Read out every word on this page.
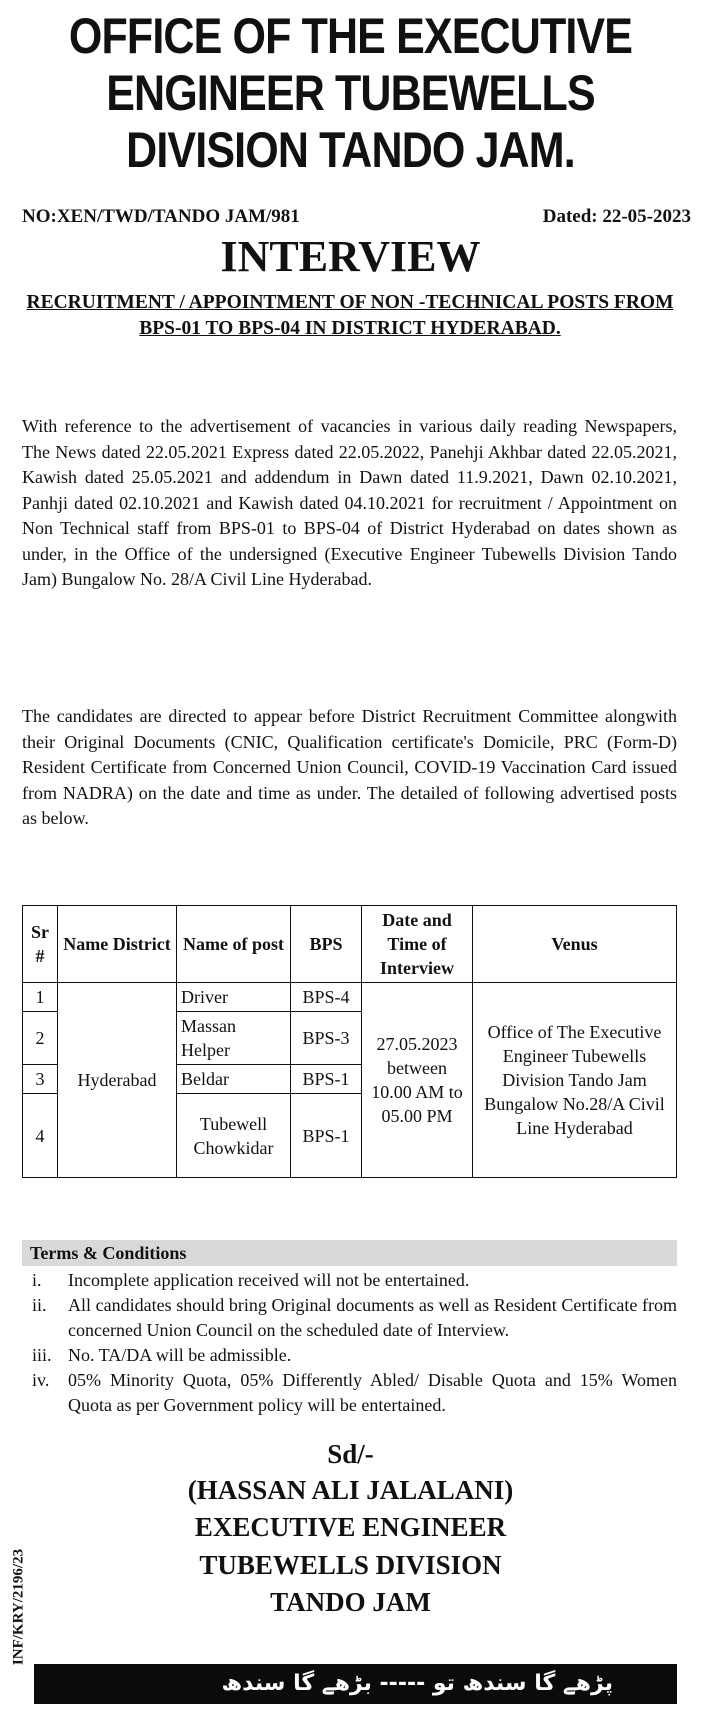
OFFICE OF THE EXECUTIVE
ENGINEER TUBEWELLS
DIVISION TANDO JAM.
NO:XEN/TWD/TANDO JAM/981	Dated: 22-05-2023
INTERVIEW
RECRUITMENT / APPOINTMENT OF NON -TECHNICAL POSTS FROM BPS-01 TO BPS-04 IN DISTRICT HYDERABAD.
With reference to the advertisement of vacancies in various daily reading Newspapers, The News dated 22.05.2021 Express dated 22.05.2022, Panehji Akhbar dated 22.05.2021, Kawish dated 25.05.2021 and addendum in Dawn dated 11.9.2021, Dawn 02.10.2021, Panhji dated 02.10.2021 and Kawish dated 04.10.2021 for recruitment / Appointment on Non Technical staff from BPS-01 to BPS-04 of District Hyderabad on dates shown as under, in the Office of the undersigned (Executive Engineer Tubewells Division Tando Jam) Bungalow No. 28/A Civil Line Hyderabad.
The candidates are directed to appear before District Recruitment Committee alongwith their Original Documents (CNIC, Qualification certificate's Domicile, PRC (Form-D) Resident Certificate from Concerned Union Council, COVID-19 Vaccination Card issued from NADRA) on the date and time as under. The detailed of following advertised posts as below.
Sr #	Name District	Name of post	BPS	Date and Time of Interview	Venus
1	Hyderabad	Driver	BPS-4	27.05.2023 between 10.00 AM to 05.00 PM	Office of The Executive Engineer Tubewells Division Tando Jam Bungalow No.28/A Civil Line Hyderabad
2		Massan Helper	BPS-3		
3		Beldar	BPS-1		
4		Tubewell Chowkidar	BPS-1		
Terms & Conditions
i. Incomplete application received will not be entertained.
ii. All candidates should bring Original documents as well as Resident Certificate from concerned Union Council on the scheduled date of Interview.
iii. No. TA/DA will be admissible.
iv. 05% Minority Quota, 05% Differently Abled/ Disable Quota and 15% Women Quota as per Government policy will be entertained.
Sd/-
(HASSAN ALI JALALANI)
EXECUTIVE ENGINEER
TUBEWELLS DIVISION
TANDO JAM
INF/KRY/2196/23
پڑھے گا سندھ تو ----- بڑھے گا سندھ
